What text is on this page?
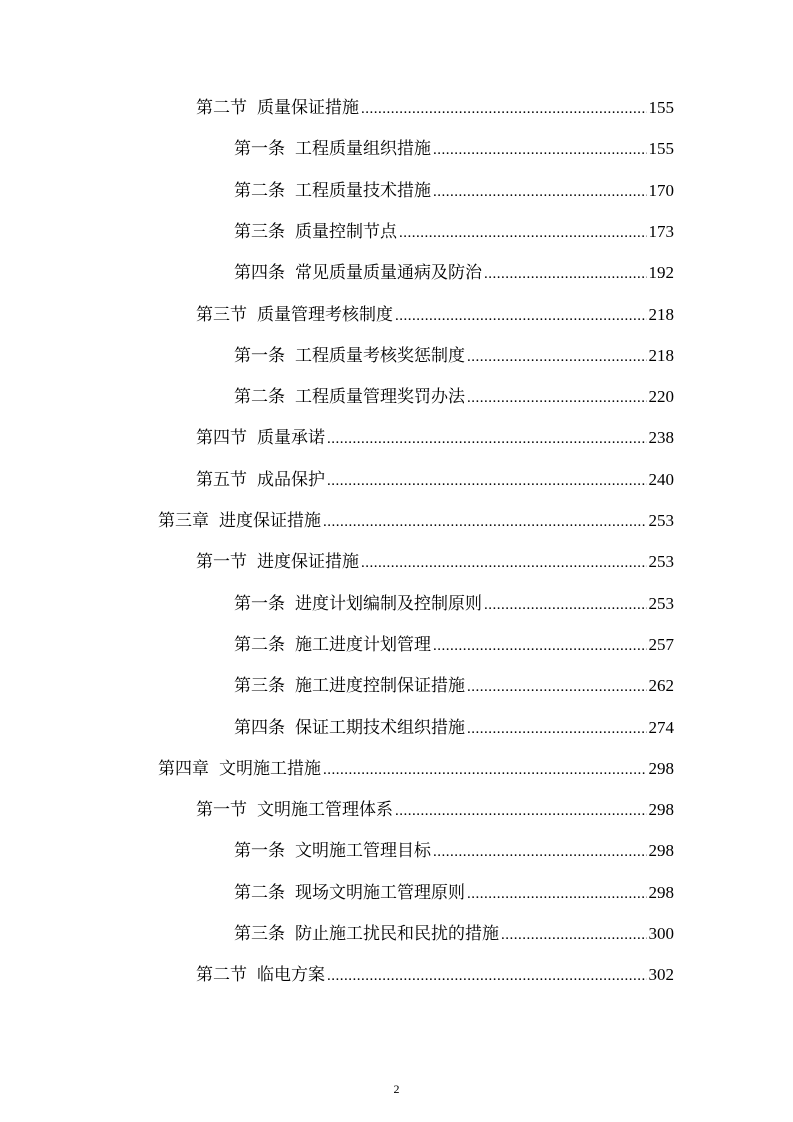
第二节 质量保证措施 .....	155
第一条 工程质量组织措施 .....	155
第二条 工程质量技术措施 .....	170
第三条 质量控制节点 .....	173
第四条 常见质量质量通病及防治 .....	192
第三节 质量管理考核制度 .....	218
第一条 工程质量考核奖惩制度 .....	218
第二条 工程质量管理奖罚办法 .....	220
第四节 质量承诺 .....	238
第五节 成品保护 .....	240
第三章 进度保证措施 .....	253
第一节 进度保证措施 .....	253
第一条 进度计划编制及控制原则 .....	253
第二条 施工进度计划管理 .....	257
第三条 施工进度控制保证措施 .....	262
第四条 保证工期技术组织措施 .....	274
第四章 文明施工措施 .....	298
第一节 文明施工管理体系 .....	298
第一条 文明施工管理目标 .....	298
第二条 现场文明施工管理原则 .....	298
第三条 防止施工扰民和民扰的措施 .....	300
第二节 临电方案 .....	302
2
